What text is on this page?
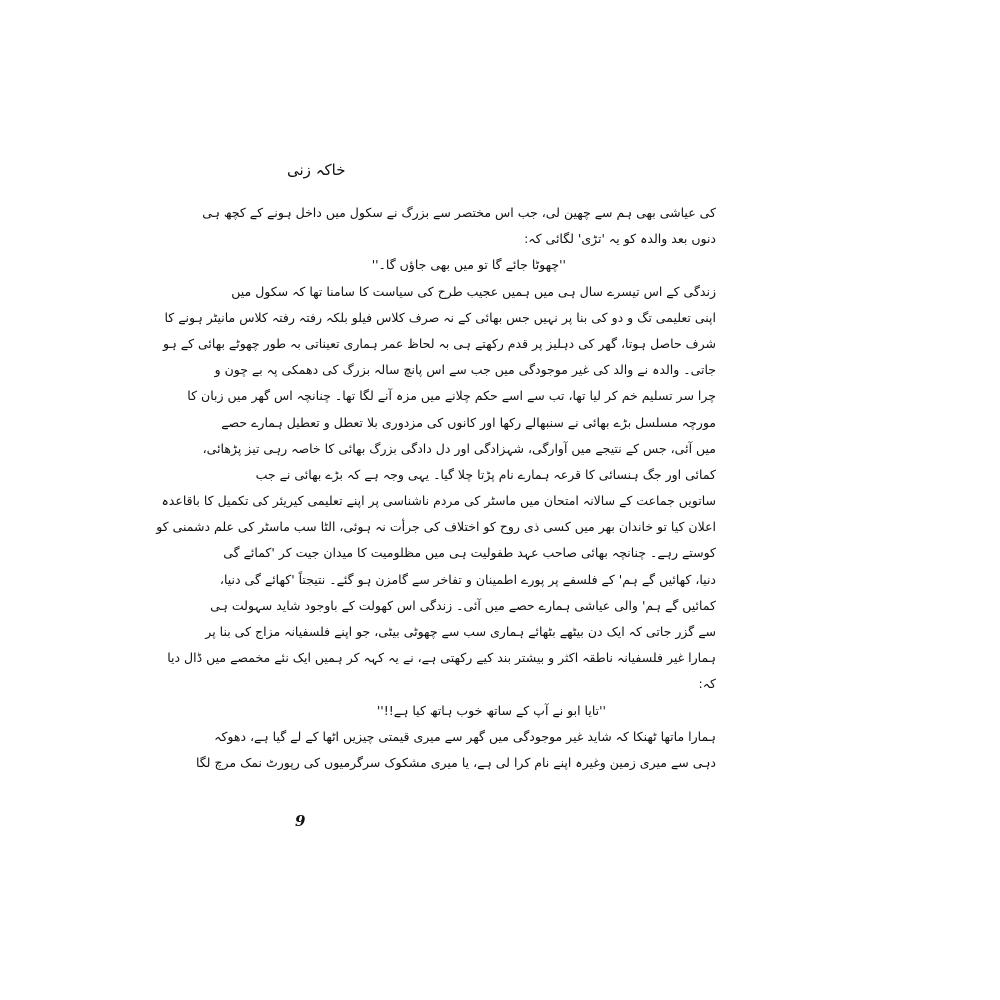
خاکہ زنی
کی عیاشی بھی ہم سے چھین لی، جب اس مختصر سے بزرگ نے سکول میں داخل ہونے کے کچھ ہی
دنوں بعد والدہ کو یہ 'تڑی' لگائی کہ:
''چھوٹا جائے گا تو میں بھی جاؤں گا۔''
زندگی کے اس تیسرے سال ہی میں ہمیں عجیب طرح کی سیاست کا سامنا تھا کہ سکول میں
اپنی تعلیمی تگ و دو کی بنا پر نہیں جس بھائی کے نہ صرف کلاس فیلو بلکہ رفتہ رفتہ کلاس مانیٹر ہونے کا
شرف حاصل ہوتا، گھر کی دہلیز پر قدم رکھتے ہی بہ لحاظ عمر ہماری تعیناتی بہ طور چھوٹے بھائی کے ہو
جاتی۔ والدہ نے والد کی غیر موجودگی میں جب سے اس پانچ سالہ بزرگ کی دھمکی پہ بے چون و
چرا سر تسلیم خم کر لیا تھا، تب سے اسے حکم چلانے میں مزہ آنے لگا تھا۔ چنانچہ اس گھر میں زبان کا
مورچہ مسلسل بڑے بھائی نے سنبھالے رکھا اور کانوں کی مزدوری بلا تعطل و تعطیل ہمارے حصے
میں آئی، جس کے نتیجے میں آوارگی، شہزادگی اور دل دادگی بزرگ بھائی کا خاصہ رہی تیز پڑھائی،
کمائی اور جگ ہنسائی کا قرعہ ہمارے نام پڑتا چلا گیا۔ یہی وجہ ہے کہ بڑے بھائی نے جب
ساتویں جماعت کے سالانہ امتحان میں ماسٹر کی مردم ناشناسی پر اپنے تعلیمی کیریئر کی تکمیل کا باقاعدہ
اعلان کیا تو خاندان بھر میں کسی ذی روح کو اختلاف کی جرأت نہ ہوئی، الٹا سب ماسٹر کی علم دشمنی کو
کوستے رہے۔ چنانچہ بھائی صاحب عہد طفولیت ہی میں مظلومیت کا میدان جیت کر 'کمائے گی
دنیا، کھائیں گے ہم' کے فلسفے پر پورے اطمینان و تفاخر سے گامزن ہو گئے۔ نتیجتاً 'کھائے گی دنیا،
کمائیں گے ہم' والی عیاشی ہمارے حصے میں آئی۔ زندگی اس کھولت کے باوجود شاید سہولت ہی
سے گزر جاتی کہ ایک دن بیٹھے بٹھائے ہماری سب سے چھوٹی بیٹی، جو اپنے فلسفیانہ مزاج کی بنا پر
ہمارا غیر فلسفیانہ ناطقہ اکثر و بیشتر بند کیے رکھتی ہے، نے یہ کہہ کر ہمیں ایک نئے مخمصے میں ڈال دیا
کہ:
''تایا ابو نے آپ کے ساتھ خوب ہاتھ کیا ہے!!''
ہمارا ماتھا ٹھنکا کہ شاید غیر موجودگی میں گھر سے میری قیمتی چیزیں اٹھا کے لے گیا ہے، دھوکہ
دہی سے میری زمین وغیرہ اپنے نام کرا لی ہے، یا میری مشکوک سرگرمیوں کی رپورٹ نمک مرچ لگا
9
